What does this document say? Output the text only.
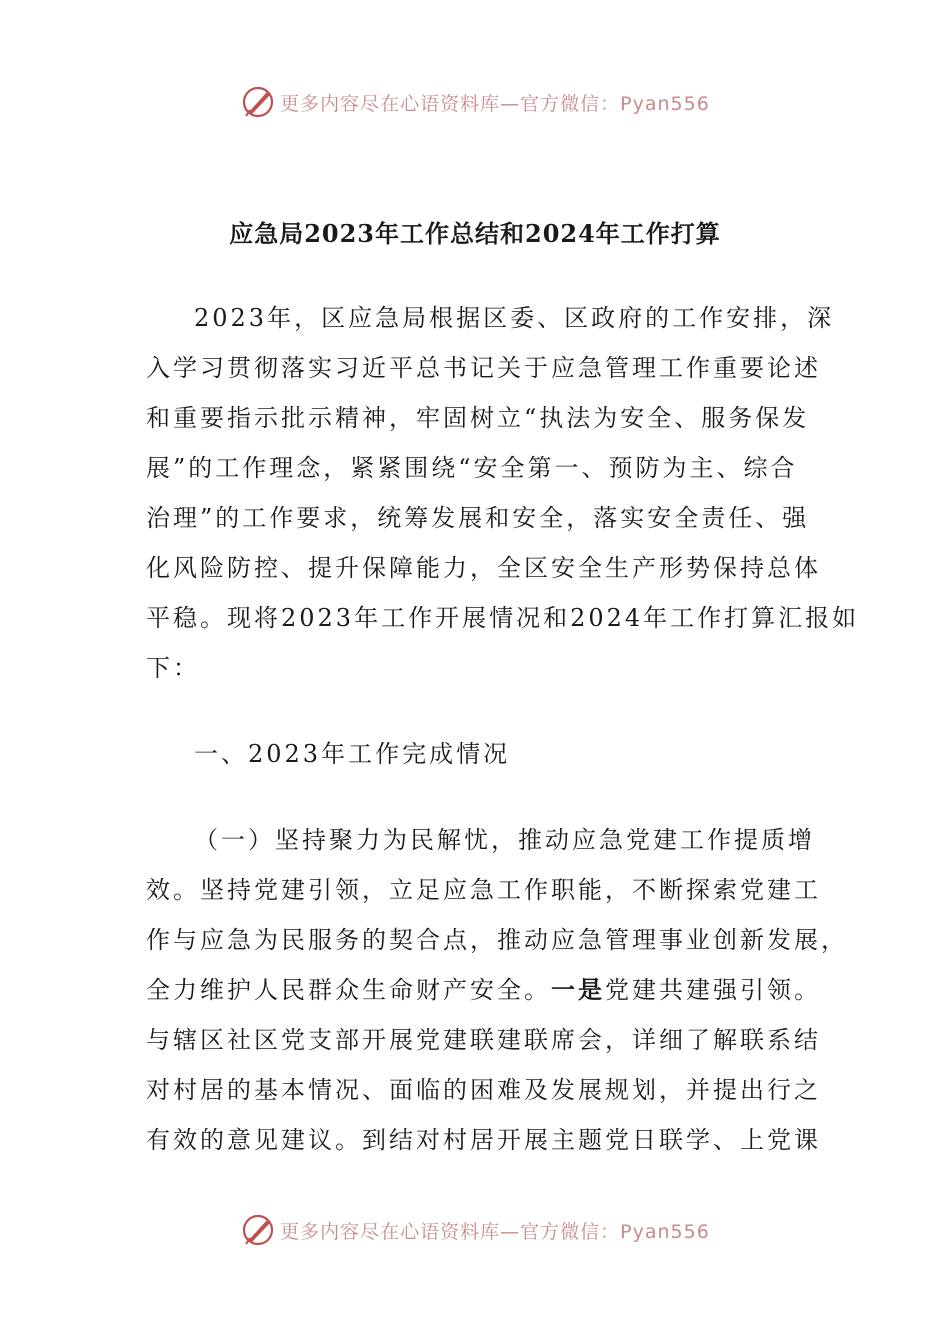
更多内容尽在心语资料库—官方微信：Pyan556
应急局2023年工作总结和2024年工作打算
2023年，区应急局根据区委、区政府的工作安排，深
入学习贯彻落实习近平总书记关于应急管理工作重要论述
和重要指示批示精神，牢固树立“执法为安全、服务保发
展”的工作理念，紧紧围绕“安全第一、预防为主、综合
治理”的工作要求，统筹发展和安全，落实安全责任、强
化风险防控、提升保障能力，全区安全生产形势保持总体
平稳。现将2023年工作开展情况和2024年工作打算汇报如
下：
一、2023年工作完成情况
（一）坚持聚力为民解忧，推动应急党建工作提质增
效。坚持党建引领，立足应急工作职能，不断探索党建工
作与应急为民服务的契合点，推动应急管理事业创新发展，
全力维护人民群众生命财产安全。一是党建共建强引领。
与辖区社区党支部开展党建联建联席会，详细了解联系结
对村居的基本情况、面临的困难及发展规划，并提出行之
有效的意见建议。到结对村居开展主题党日联学、上党课
更多内容尽在心语资料库—官方微信：Pyan556
